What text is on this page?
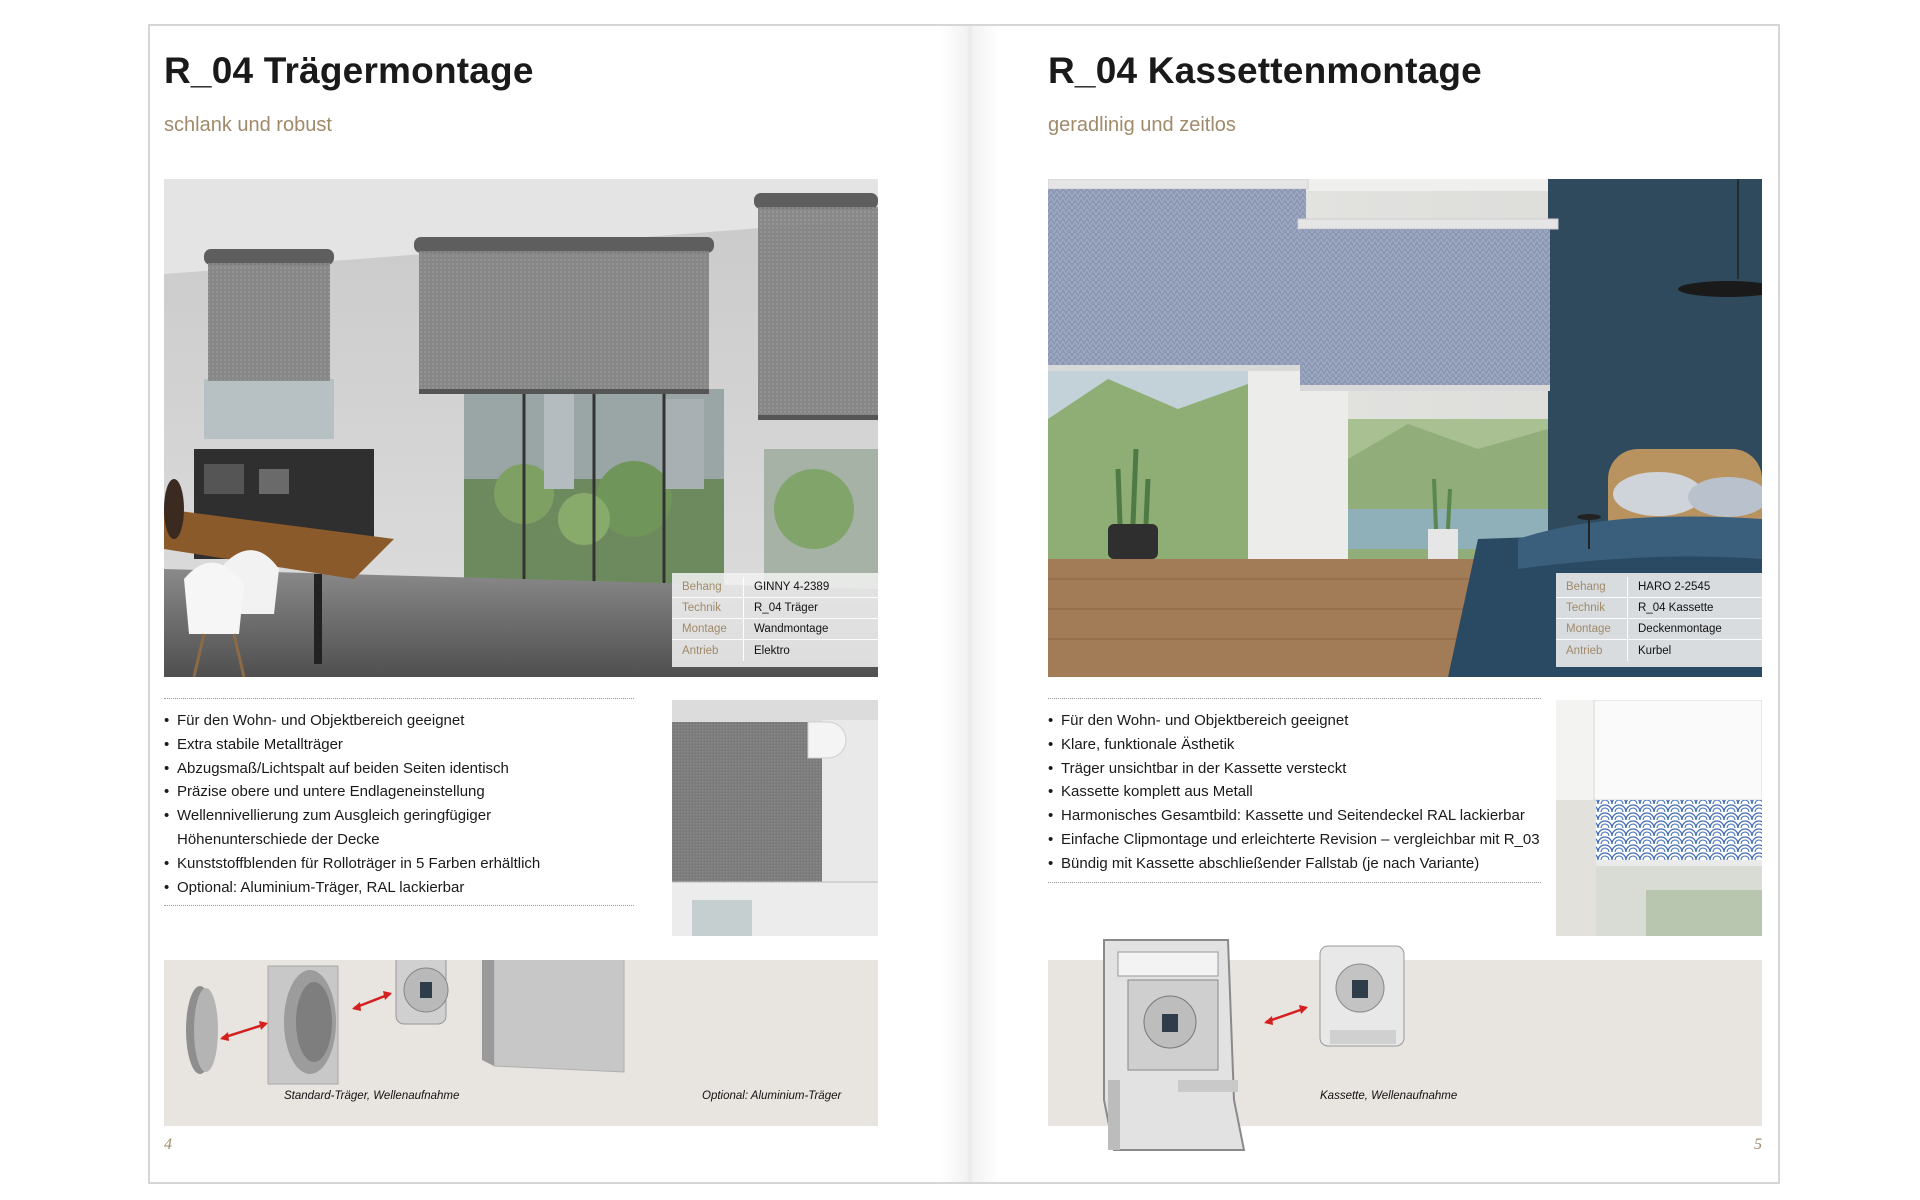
R_04 Trägermontage
schlank und robust
Behang	GINNY 4-2389
Technik	R_04 Träger
Montage	Wandmontage
Antrieb	Elektro
• Für den Wohn- und Objektbereich geeignet
• Extra stabile Metallträger
• Abzugsmaß/Lichtspalt auf beiden Seiten identisch
• Präzise obere und untere Endlageneinstellung
• Wellennivellierung zum Ausgleich geringfügiger
Höhenunterschiede der Decke
• Kunststoffblenden für Rolloträger in 5 Farben erhältlich
• Optional: Aluminium-Träger, RAL lackierbar
Standard-Träger, Wellenaufnahme	Optional: Aluminium-Träger
4
R_04 Kassettenmontage
geradlinig und zeitlos
Behang	HARO 2-2545
Technik	R_04 Kassette
Montage	Deckenmontage
Antrieb	Kurbel
• Für den Wohn- und Objektbereich geeignet
• Klare, funktionale Ästhetik
• Träger unsichtbar in der Kassette versteckt
• Kassette komplett aus Metall
• Harmonisches Gesamtbild: Kassette und Seitendeckel RAL lackierbar
• Einfache Clipmontage und erleichterte Revision – vergleichbar mit R_03
• Bündig mit Kassette abschließender Fallstab (je nach Variante)
Kassette, Wellenaufnahme
5
